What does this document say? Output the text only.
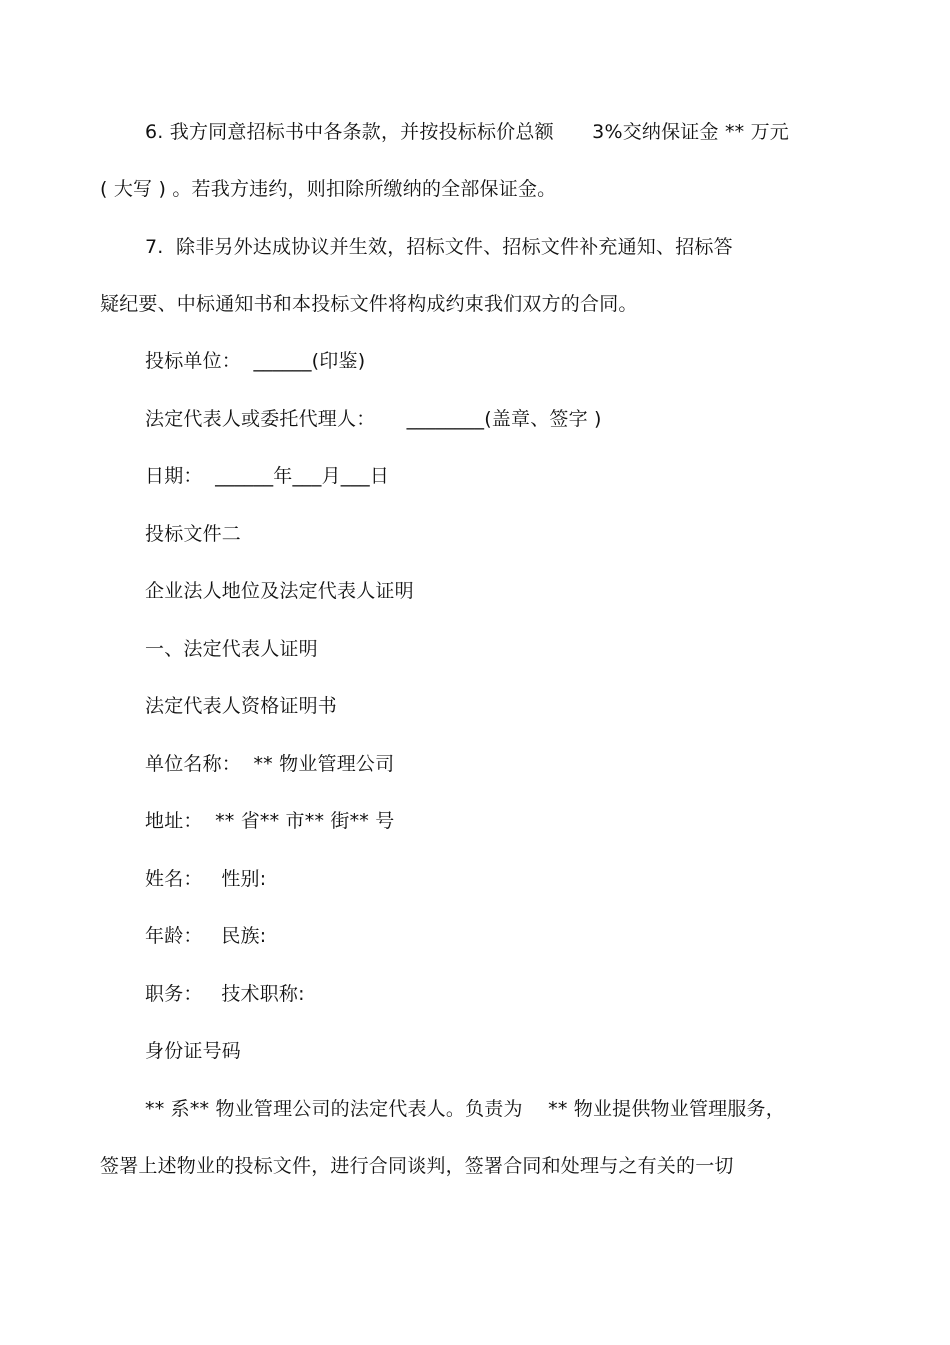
6. 我方同意招标书中各条款，并按投标标价总额　　3%交纳保证金 ** 万元
( 大写 ) 。若我方违约，则扣除所缴纳的全部保证金。
7.  除非另外达成协议并生效，招标文件、招标文件补充通知、招标答
疑纪要、中标通知书和本投标文件将构成约束我们双方的合同。
投标单位：  ______(印鉴)
法定代表人或委托代理人：     ________(盖章、签字 )
日期：  ______年___月___日
投标文件二
企业法人地位及法定代表人证明
一、法定代表人证明
法定代表人资格证明书
单位名称：  ** 物业管理公司
地址：  ** 省** 市** 街** 号
姓名：   性别:
年龄：   民族:
职务：   技术职称:
身份证号码
** 系** 物业管理公司的法定代表人。负责为　 ** 物业提供物业管理服务，
签署上述物业的投标文件，进行合同谈判，签署合同和处理与之有关的一切
